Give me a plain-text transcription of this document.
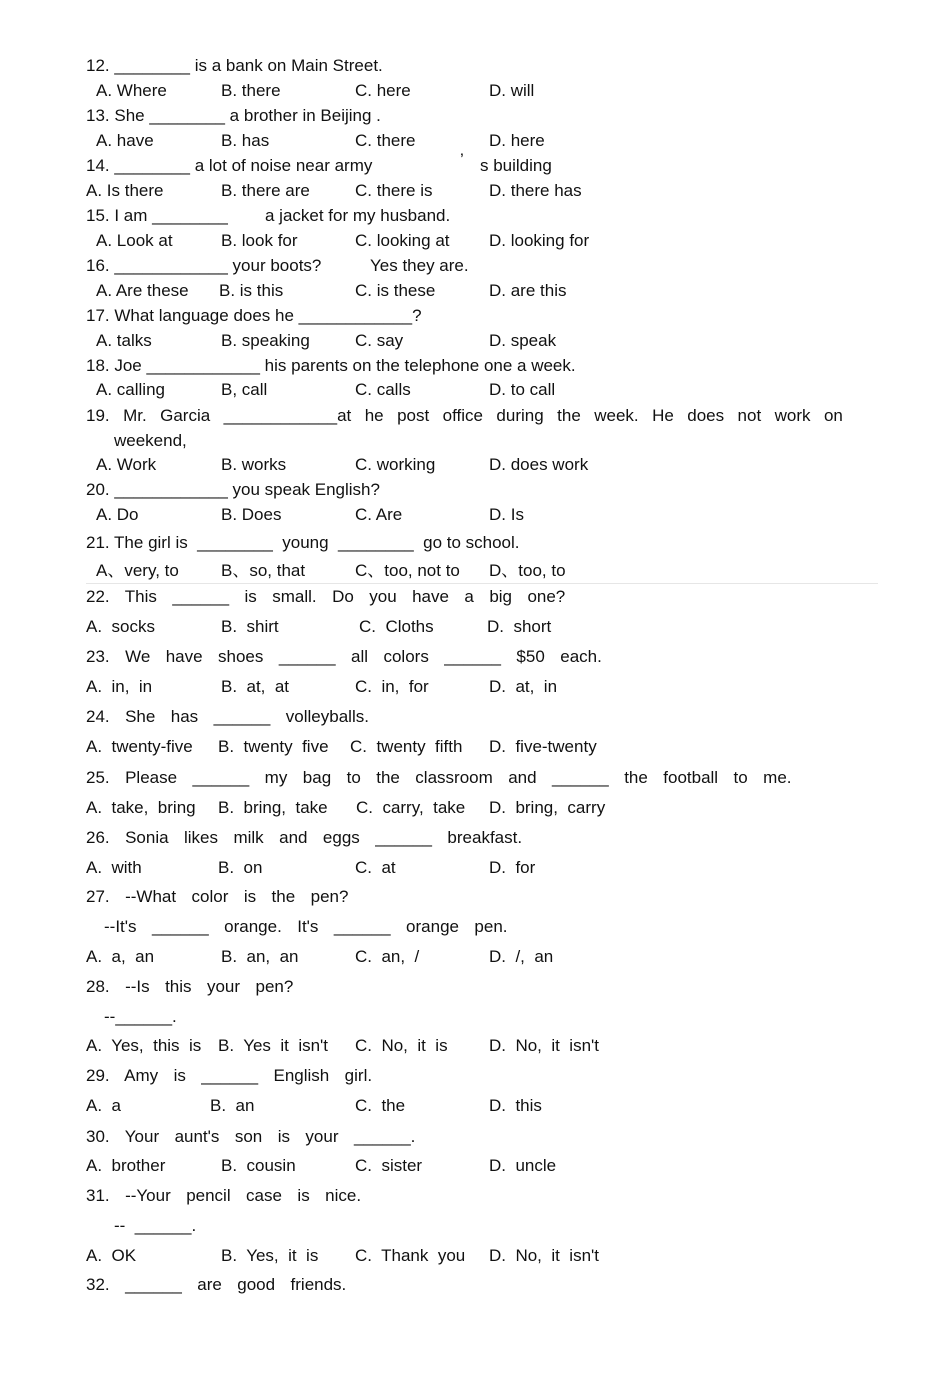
12. ________ is a bank on Main Street.

A. Where

	B. there

	C. here

	D. will

13. She ________ a brother in Beijing .

A. have

	B. has

	C. there

	D. here

14. ________ a lot of noise near army

	’

s building

A. Is there

	B. there are

	C. there is

	D. there has

15. I am ________

a jacket for my husband.

A. Look at

	B. look for

	C. looking at

D. looking for

16. ____________ your boots?

	Yes they are.

A. Are these

B. is this

	C. is these

	D. are this

17. What language does he ____________?

A. talks

	B. speaking

	C. say

	D. speak

18. Joe ____________ his parents on the telephone one a week.

A. calling

	B, call

	C. calls

	D. to call

19.  Mr.  Garcia  ____________at  he  post  office  during  the  week.  He  does  not  work  on

weekend,

A. Work

	B. works

	C. working

	D. does work

20. ____________ you speak English?

A. Do

	B. Does

	C. Are

	D. Is

21. The girl is  ________  young  ________  go to school.

A、very, to

B、so, that

	C、too, not to

D、too, to

22.  This  ______  is  small.  Do  you  have  a  big  one?

A.  socks

	B.  shirt

	C.  Cloths

	D.  short

23.  We  have  shoes  ______  all  colors  ______  $50  each.

A.  in,  in

	B.  at,  at

	C.  in,  for

	D.  at,  in

24.  She  has  ______  volleyballs.

A.  twenty-five

B.  twenty  five

C.  twenty  fifth

D.  five-twenty

25.  Please  ______  my  bag  to  the  classroom  and  ______  the  football  to  me.

A.  take,  bring

B.  bring,  take

C.  carry,  take

D.  bring,  carry

26.  Sonia  likes  milk  and  eggs  ______  breakfast.

A.  with

	B.  on

	C.  at

	D.  for

27.  --What  color  is  the  pen?

--It's  ______  orange.  It's  ______  orange  pen.

A.  a,  an

	B.  an,  an

	C.  an,  /

	D.  /,  an

28.  --Is  this  your  pen?

--______.

A.  Yes,  this  is

B.  Yes  it  isn't

C.  No,  it  is

D.  No,  it  isn't

29.  Amy  is  ______  English  girl.

A.  a

	B.  an

	C.  the

	D.  this

30.  Your  aunt's  son  is  your  ______.

A.  brother

	B.  cousin

	C.  sister

	D.  uncle

31.  --Your  pencil  case  is  nice.

--  ______.

A.  OK

	B.  Yes,  it  is

C.  Thank  you

D.  No,  it  isn't

32.  ______  are  good  friends.
